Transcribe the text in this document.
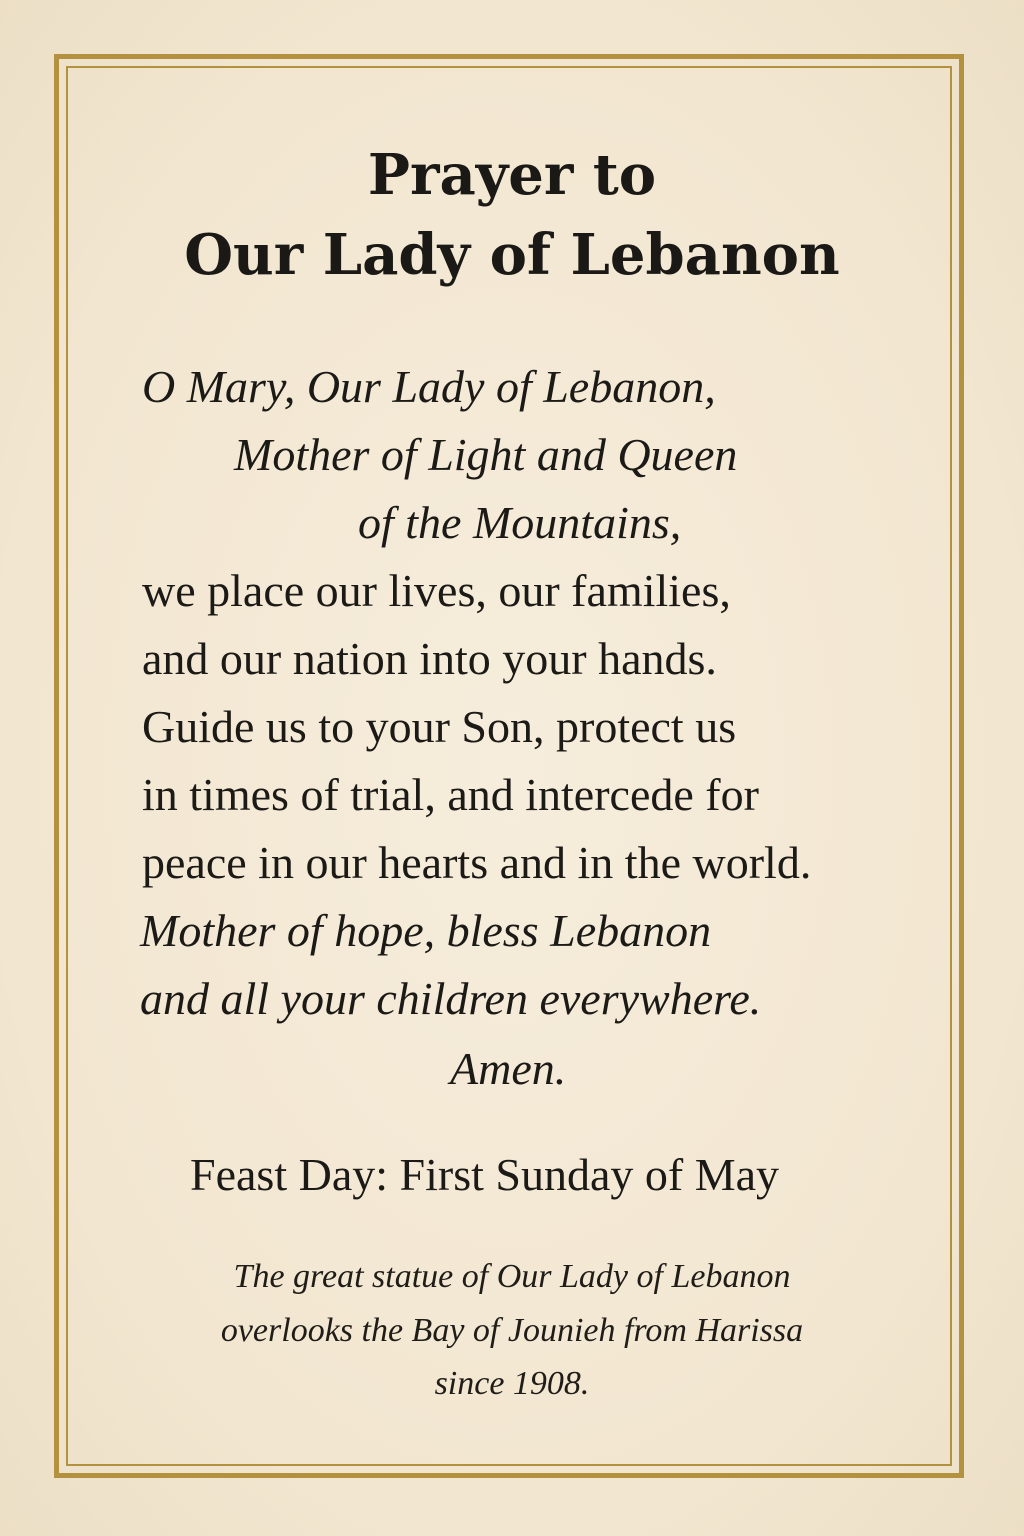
Prayer to
Our Lady of Lebanon

O Mary, Our Lady of Lebanon,

Mother of Light and Queen

of the Mountains,

we place our lives, our families,

and our nation into your hands.

Guide us to your Son, protect us

in times of trial, and intercede for

peace in our hearts and in the world.

Mother of hope, bless Lebanon

and all your children everywhere.

Amen.

Feast Day: First Sunday of May

The great statue of Our Lady of Lebanon

overlooks the Bay of Jounieh from Harissa

since 1908.
